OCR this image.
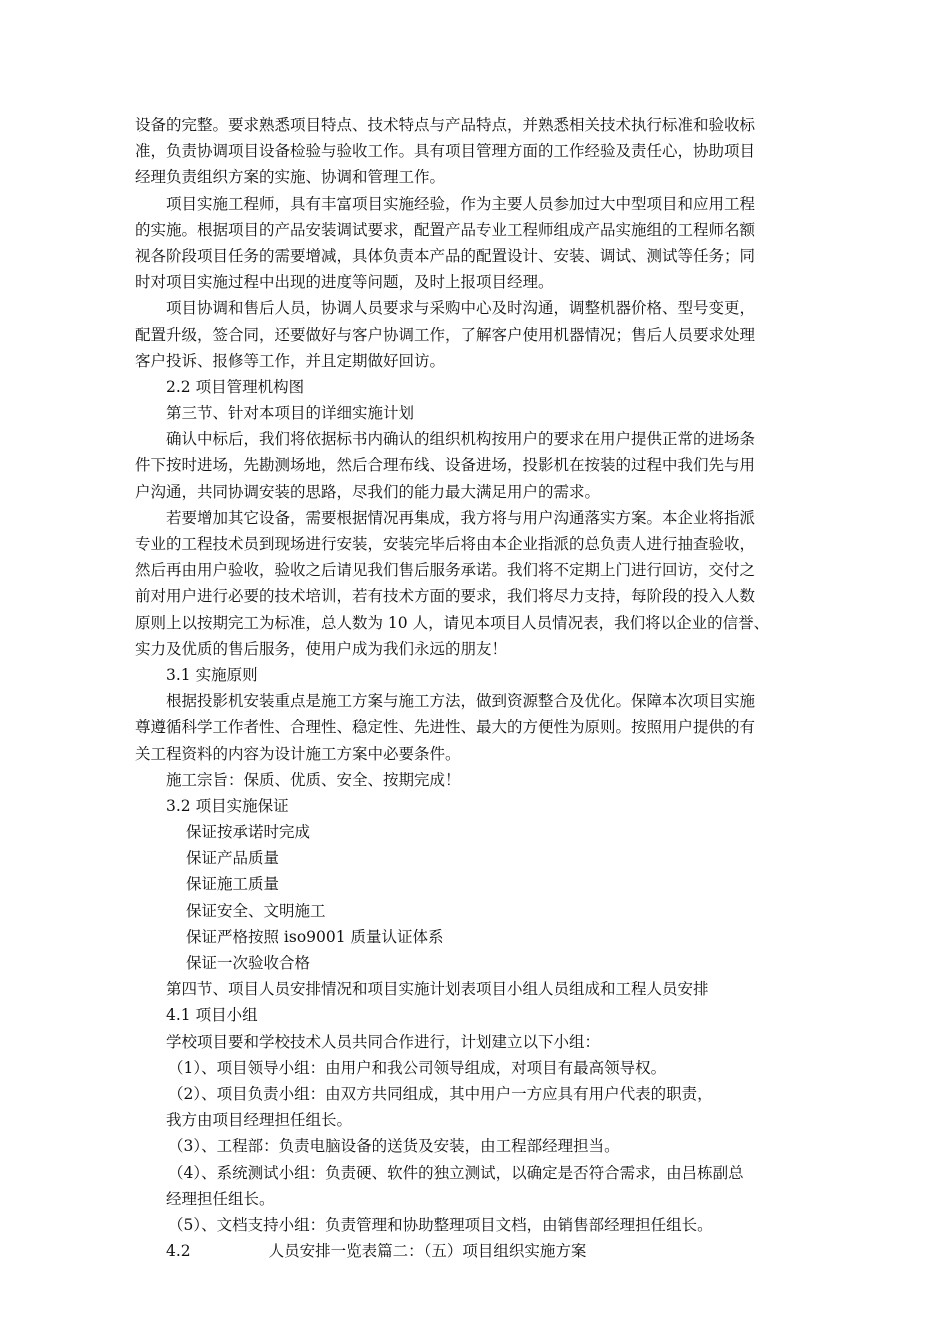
设备的完整。要求熟悉项目特点、技术特点与产品特点，并熟悉相关技术执行标准和验收标
准，负责协调项目设备检验与验收工作。具有项目管理方面的工作经验及责任心，协助项目
经理负责组织方案的实施、协调和管理工作。
项目实施工程师，具有丰富项目实施经验，作为主要人员参加过大中型项目和应用工程
的实施。根据项目的产品安装调试要求，配置产品专业工程师组成产品实施组的工程师名额
视各阶段项目任务的需要增减，具体负责本产品的配置设计、安装、调试、测试等任务；同
时对项目实施过程中出现的进度等问题，及时上报项目经理。
项目协调和售后人员，协调人员要求与采购中心及时沟通，调整机器价格、型号变更，
配置升级，签合同，还要做好与客户协调工作，了解客户使用机器情况；售后人员要求处理
客户投诉、报修等工作，并且定期做好回访。
2.2 项目管理机构图
第三节、针对本项目的详细实施计划
确认中标后，我们将依据标书内确认的组织机构按用户的要求在用户提供正常的进场条
件下按时进场，先勘测场地，然后合理布线、设备进场，投影机在按装的过程中我们先与用
户沟通，共同协调安装的思路，尽我们的能力最大满足用户的需求。
若要增加其它设备，需要根据情况再集成，我方将与用户沟通落实方案。本企业将指派
专业的工程技术员到现场进行安装，安装完毕后将由本企业指派的总负责人进行抽查验收，
然后再由用户验收，验收之后请见我们售后服务承诺。我们将不定期上门进行回访，交付之
前对用户进行必要的技术培训，若有技术方面的要求，我们将尽力支持，每阶段的投入人数
原则上以按期完工为标准，总人数为 10 人，请见本项目人员情况表，我们将以企业的信誉、
实力及优质的售后服务，使用户成为我们永远的朋友！
3.1 实施原则
根据投影机安装重点是施工方案与施工方法，做到资源整合及优化。保障本次项目实施
尊遵循科学工作者性、合理性、稳定性、先进性、最大的方便性为原则。按照用户提供的有
关工程资料的内容为设计施工方案中必要条件。
施工宗旨：保质、优质、安全、按期完成！
3.2 项目实施保证
保证按承诺时完成
保证产品质量
保证施工质量
保证安全、文明施工
保证严格按照 iso9001 质量认证体系
保证一次验收合格
第四节、项目人员安排情况和项目实施计划表项目小组人员组成和工程人员安排
4.1 项目小组
学校项目要和学校技术人员共同合作进行，计划建立以下小组：
（1）、项目领导小组：由用户和我公司领导组成，对项目有最高领导权。
（2）、项目负责小组：由双方共同组成，其中用户一方应具有用户代表的职责，
我方由项目经理担任组长。
（3）、工程部：负责电脑设备的送货及安装，由工程部经理担当。
（4）、系统测试小组：负责硬、软件的独立测试，以确定是否符合需求，由吕栋副总
经理担任组长。
（5）、文档支持小组：负责管理和协助整理项目文档，由销售部经理担任组长。
4.2	人员安排一览表篇二：（五）项目组织实施方案
